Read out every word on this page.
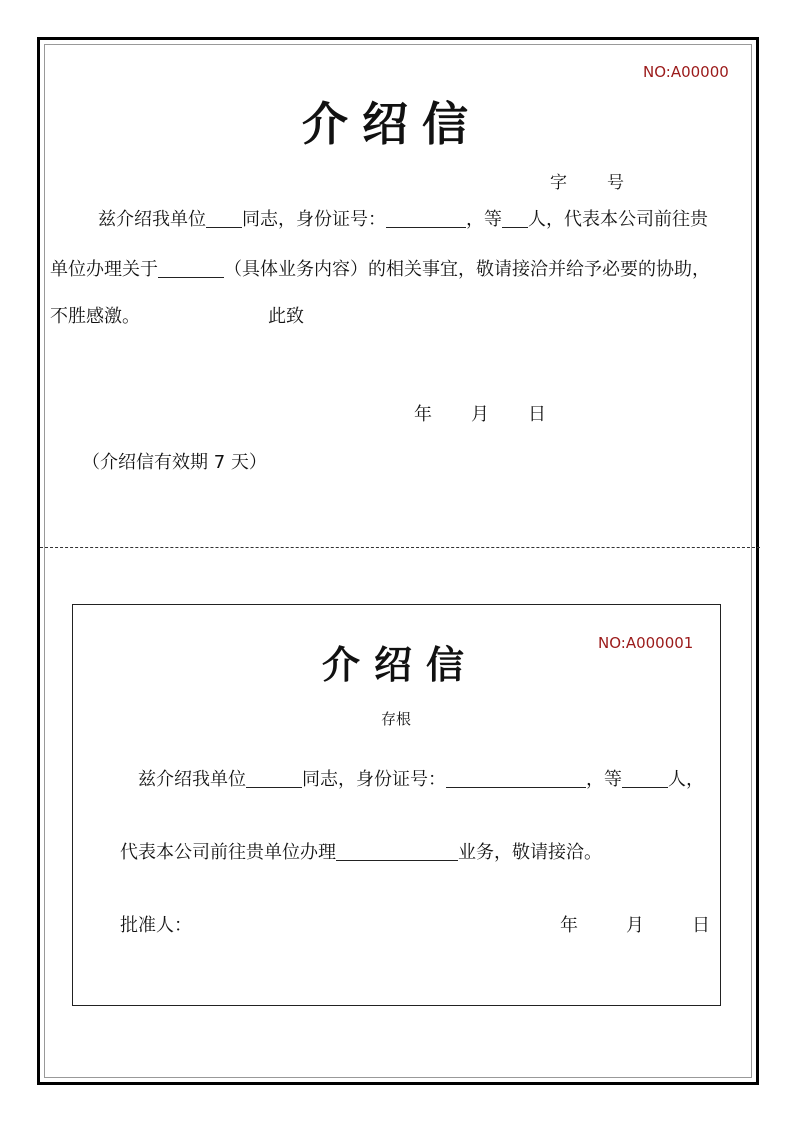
NO:A00000
介绍信
字 号
兹介绍我单位 同志，身份证号：	，等 人，代表本公司前往贵
单位办理关于	（具体业务内容）的相关事宜，敬请接洽并给予必要的协助，
不胜感激。	此致
年 月 日
（介绍信有效期 7 天）
NO:A000001
介绍信
存根
兹介绍我单位	同志，身份证号：	，等	人，
代表本公司前往贵单位办理	业务，敬请接洽。
批准人：	年	月	日
